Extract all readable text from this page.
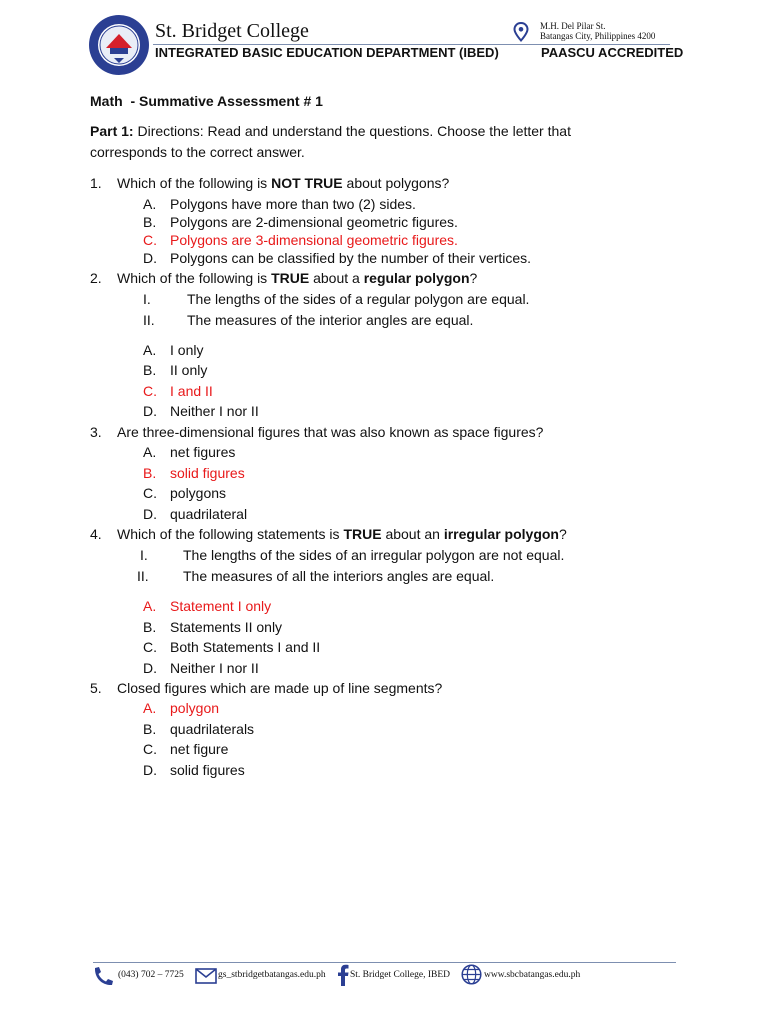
St. Bridget College
INTEGRATED BASIC EDUCATION DEPARTMENT (IBED)
M.H. Del Pilar St.
Batangas City, Philippines 4200
PAASCU ACCREDITED
Math  - Summative Assessment # 1
Part 1: Directions: Read and understand the questions. Choose the letter that corresponds to the correct answer.
1. Which of the following is NOT TRUE about polygons?
A. Polygons have more than two (2) sides.
B. Polygons are 2-dimensional geometric figures.
C. Polygons are 3-dimensional geometric figures.
D. Polygons can be classified by the number of their vertices.
2. Which of the following is TRUE about a regular polygon?
I.	The lengths of the sides of a regular polygon are equal.
II. The measures of the interior angles are equal.
A. I only
B. II only
C. I and II
D. Neither I nor II
3. Are three-dimensional figures that was also known as space figures?
A. net figures
B. solid figures
C. polygons
D. quadrilateral
4. Which of the following statements is TRUE about an irregular polygon?
I.	The lengths of the sides of an irregular polygon are not equal.
II. The measures of all the interiors angles are equal.
A. Statement I only
B. Statements II only
C. Both Statements I and II
D. Neither I nor II
5. Closed figures which are made up of line segments?
A. polygon
B. quadrilaterals
C. net figure
D. solid figures
(043) 702 – 7725	gs_stbridgetbatangas.edu.ph	St. Bridget College, IBED	www.sbcbatangas.edu.ph
